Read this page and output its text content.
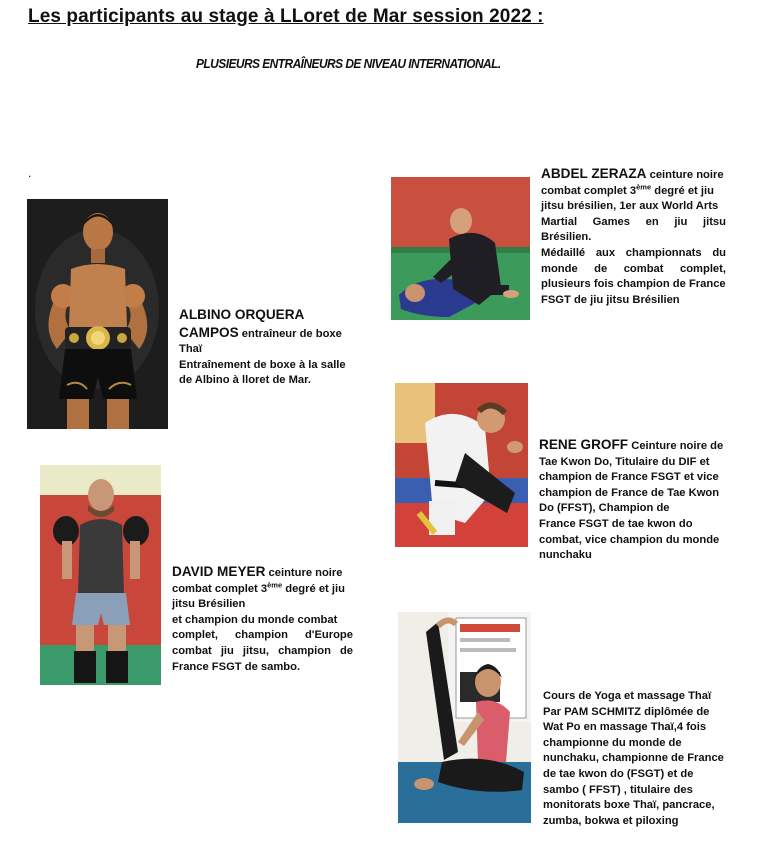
Les participants au stage à LLoret de Mar session 2022 :
PLUSIEURS ENTRAÎNEURS DE NIVEAU INTERNATIONAL.
.
ALBINO ORQUERA
CAMPOS entraîneur de boxe
Thaï
Entraînement de boxe à la salle
de Albino à lloret de Mar.
ABDEL ZERAZA ceinture noire
combat complet 3ème degré et jiu
jitsu brésilien, 1er aux World Arts
Martial Games en jiu jitsu Brésilien.
Médaillé aux championnats du
monde de combat complet,
plusieurs fois champion de France
FSGT de jiu jitsu Brésilien
RENE GROFF Ceinture noire de
Tae Kwon Do, Titulaire du DIF et
champion de France FSGT et vice
champion de France de Tae Kwon
Do (FFST), Champion de
France FSGT de tae kwon do
combat, vice champion du monde
nunchaku
DAVID MEYER ceinture noire
combat complet 3ème degré et jiu
jitsu Brésilien
et champion du monde combat
complet, champion d'Europe
combat jiu jitsu, champion de
France FSGT de sambo.
Cours de Yoga et massage Thaï
Par PAM SCHMITZ diplômée de
Wat Po en massage Thaï,4 fois
championne du monde de
nunchaku, championne de France
de tae kwon do (FSGT) et de
sambo ( FFST) , titulaire des
monitorats boxe Thaï, pancrace,
zumba, bokwa et piloxing
